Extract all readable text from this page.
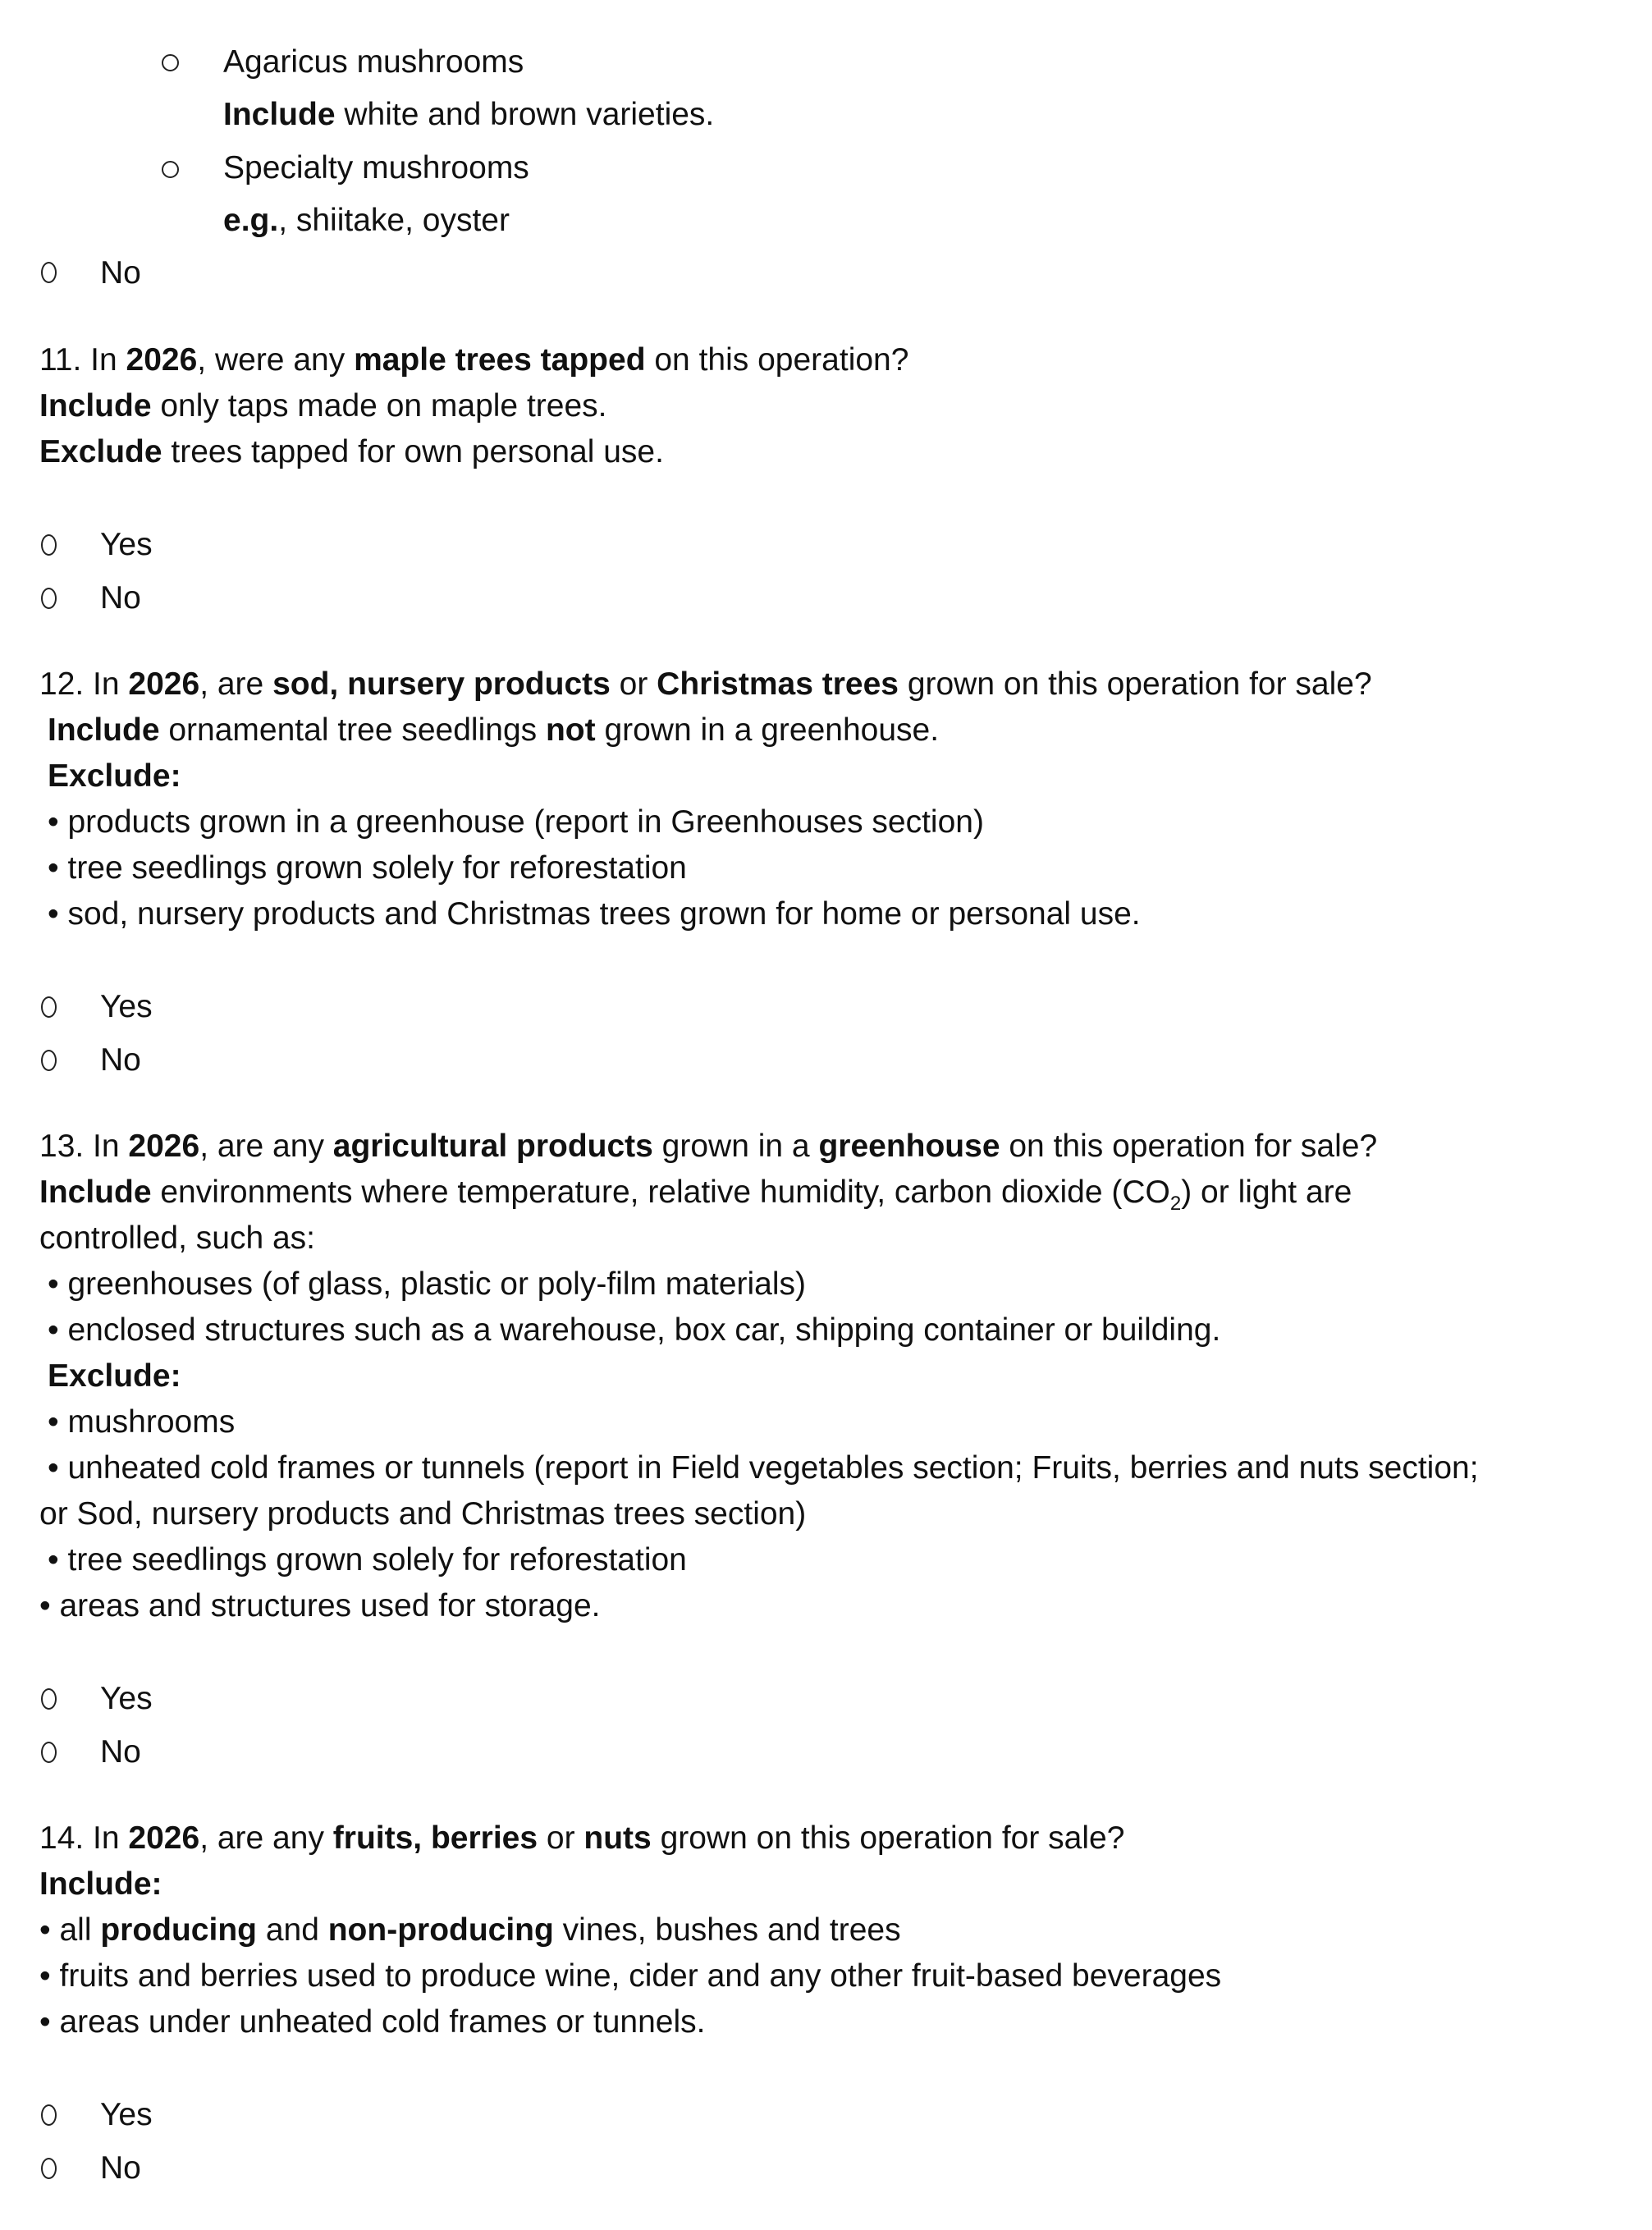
Agaricus mushrooms
Include white and brown varieties.
Specialty mushrooms
e.g., shiitake, oyster
No
11. In 2026, were any maple trees tapped on this operation?
Include only taps made on maple trees.
Exclude trees tapped for own personal use.
Yes
No
12. In 2026, are sod, nursery products or Christmas trees grown on this operation for sale?
Include ornamental tree seedlings not grown in a greenhouse.
Exclude:
• products grown in a greenhouse (report in Greenhouses section)
• tree seedlings grown solely for reforestation
• sod, nursery products and Christmas trees grown for home or personal use.
Yes
No
13. In 2026, are any agricultural products grown in a greenhouse on this operation for sale?
Include environments where temperature, relative humidity, carbon dioxide $(CO_2)$ or light are
controlled, such as:
• greenhouses (of glass, plastic or poly-film materials)
• enclosed structures such as a warehouse, box car, shipping container or building.
Exclude:
• mushrooms
• unheated cold frames or tunnels (report in Field vegetables section; Fruits, berries and nuts section;
or Sod, nursery products and Christmas trees section)
• tree seedlings grown solely for reforestation
• areas and structures used for storage.
Yes
No
14. In 2026, are any fruits, berries or nuts grown on this operation for sale?
Include:
• all producing and non-producing vines, bushes and trees
• fruits and berries used to produce wine, cider and any other fruit-based beverages
• areas under unheated cold frames or tunnels.
Yes
No
